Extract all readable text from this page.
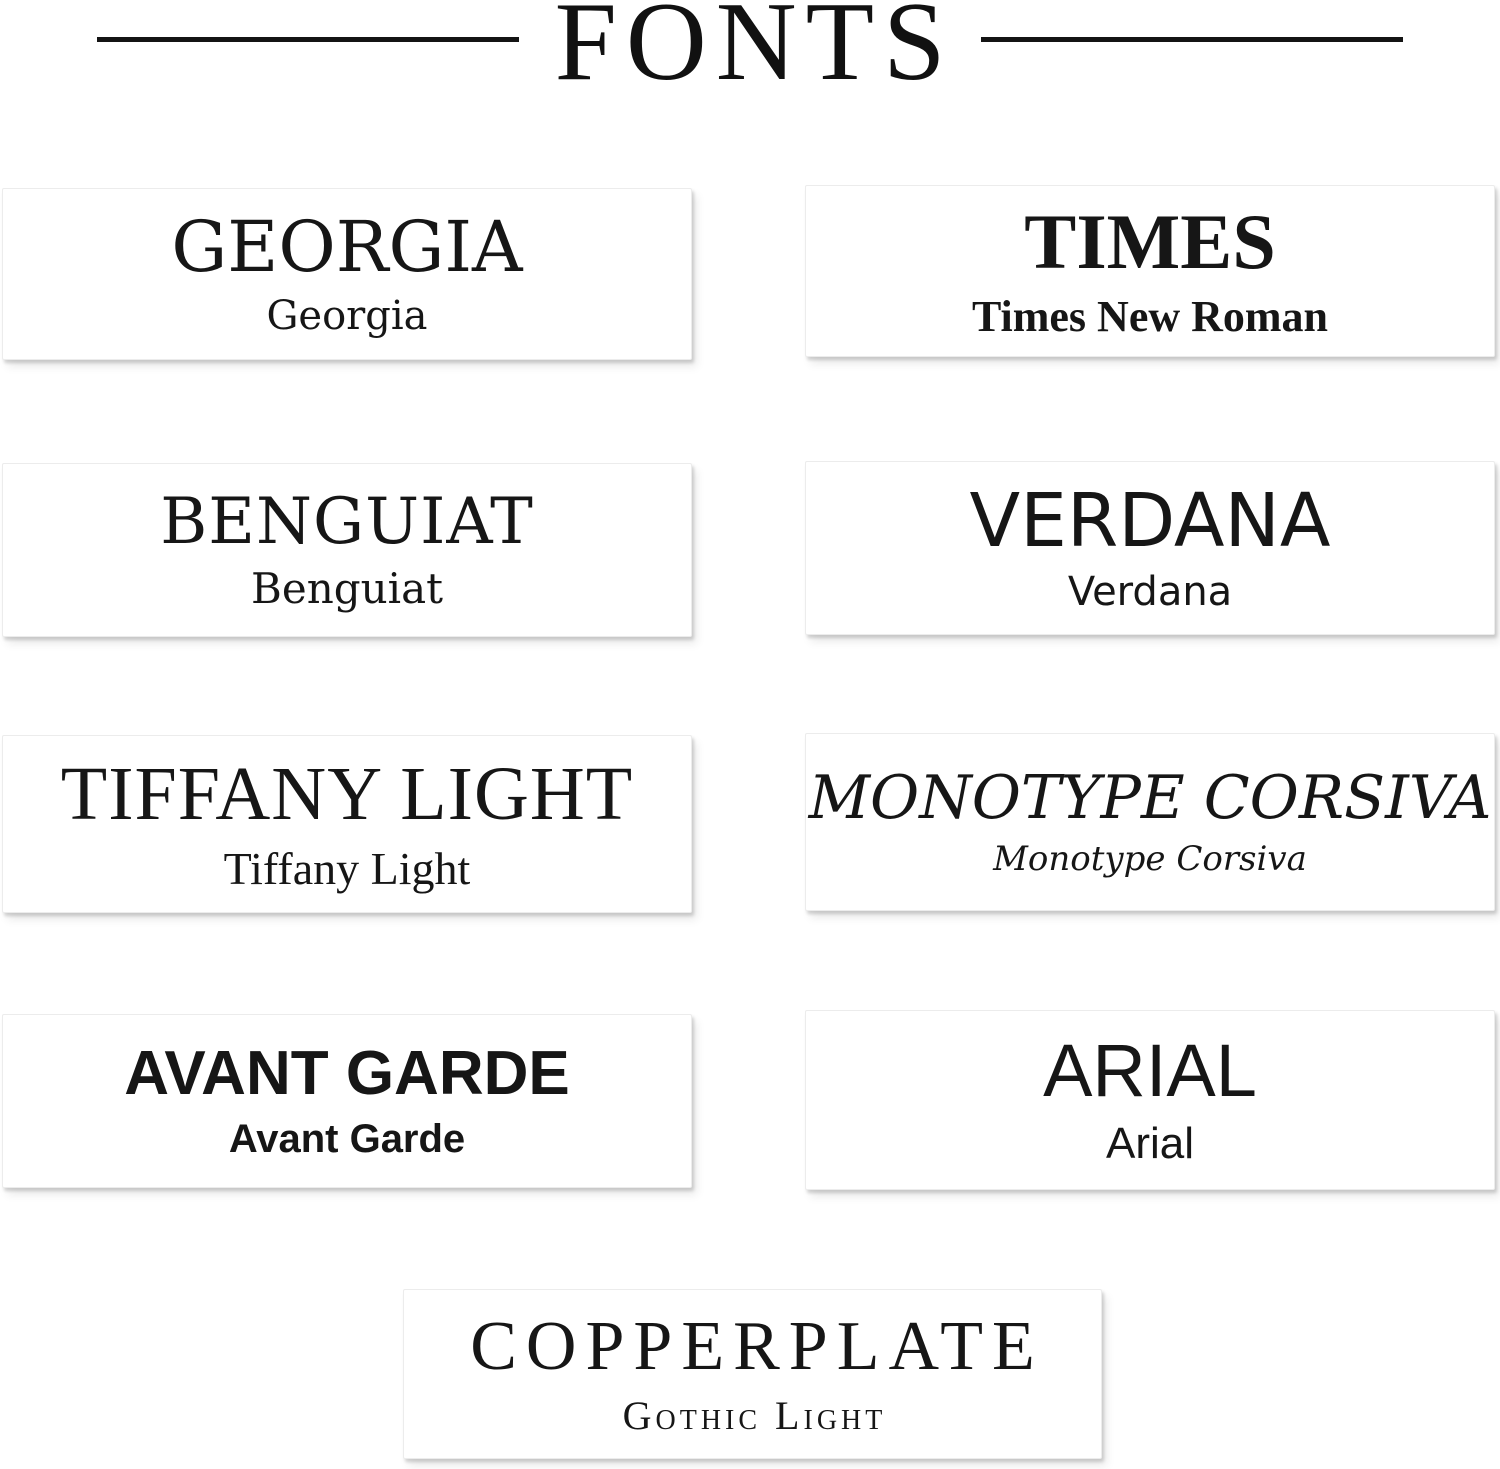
FONTS
GEORGIA
Georgia
TIMES
Times New Roman
BENGUIAT
Benguiat
VERDANA
Verdana
TIFFANY LIGHT
Tiffany Light
MONOTYPE CORSIVA
Monotype Corsiva
AVANT GARDE
Avant Garde
ARIAL
Arial
COPPERPLATE
Gothic Light
